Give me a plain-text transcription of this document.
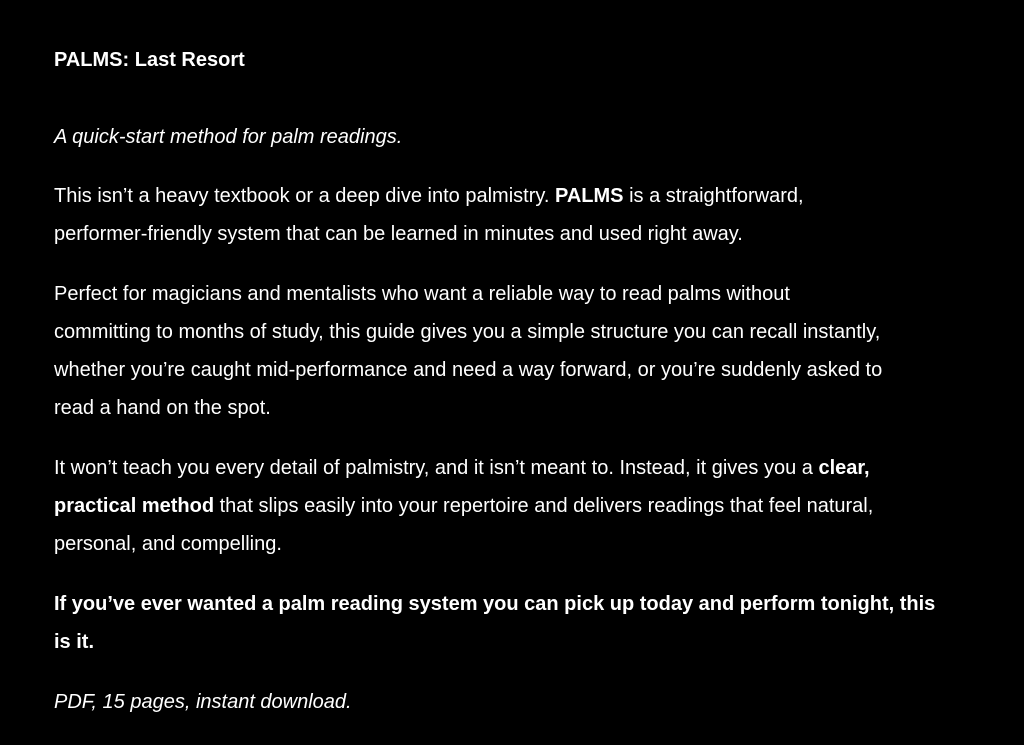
PALMS: Last Resort

A quick-start method for palm readings.

This isn’t a heavy textbook or a deep dive into palmistry. PALMS is a straightforward,
performer-friendly system that can be learned in minutes and used right away.

Perfect for magicians and mentalists who want a reliable way to read palms without
committing to months of study, this guide gives you a simple structure you can recall instantly,
whether you’re caught mid-performance and need a way forward, or you’re suddenly asked to
read a hand on the spot.

It won’t teach you every detail of palmistry, and it isn’t meant to. Instead, it gives you a clear,
practical method that slips easily into your repertoire and delivers readings that feel natural,
personal, and compelling.

If you’ve ever wanted a palm reading system you can pick up today and perform tonight, this
is it.

PDF, 15 pages, instant download.
